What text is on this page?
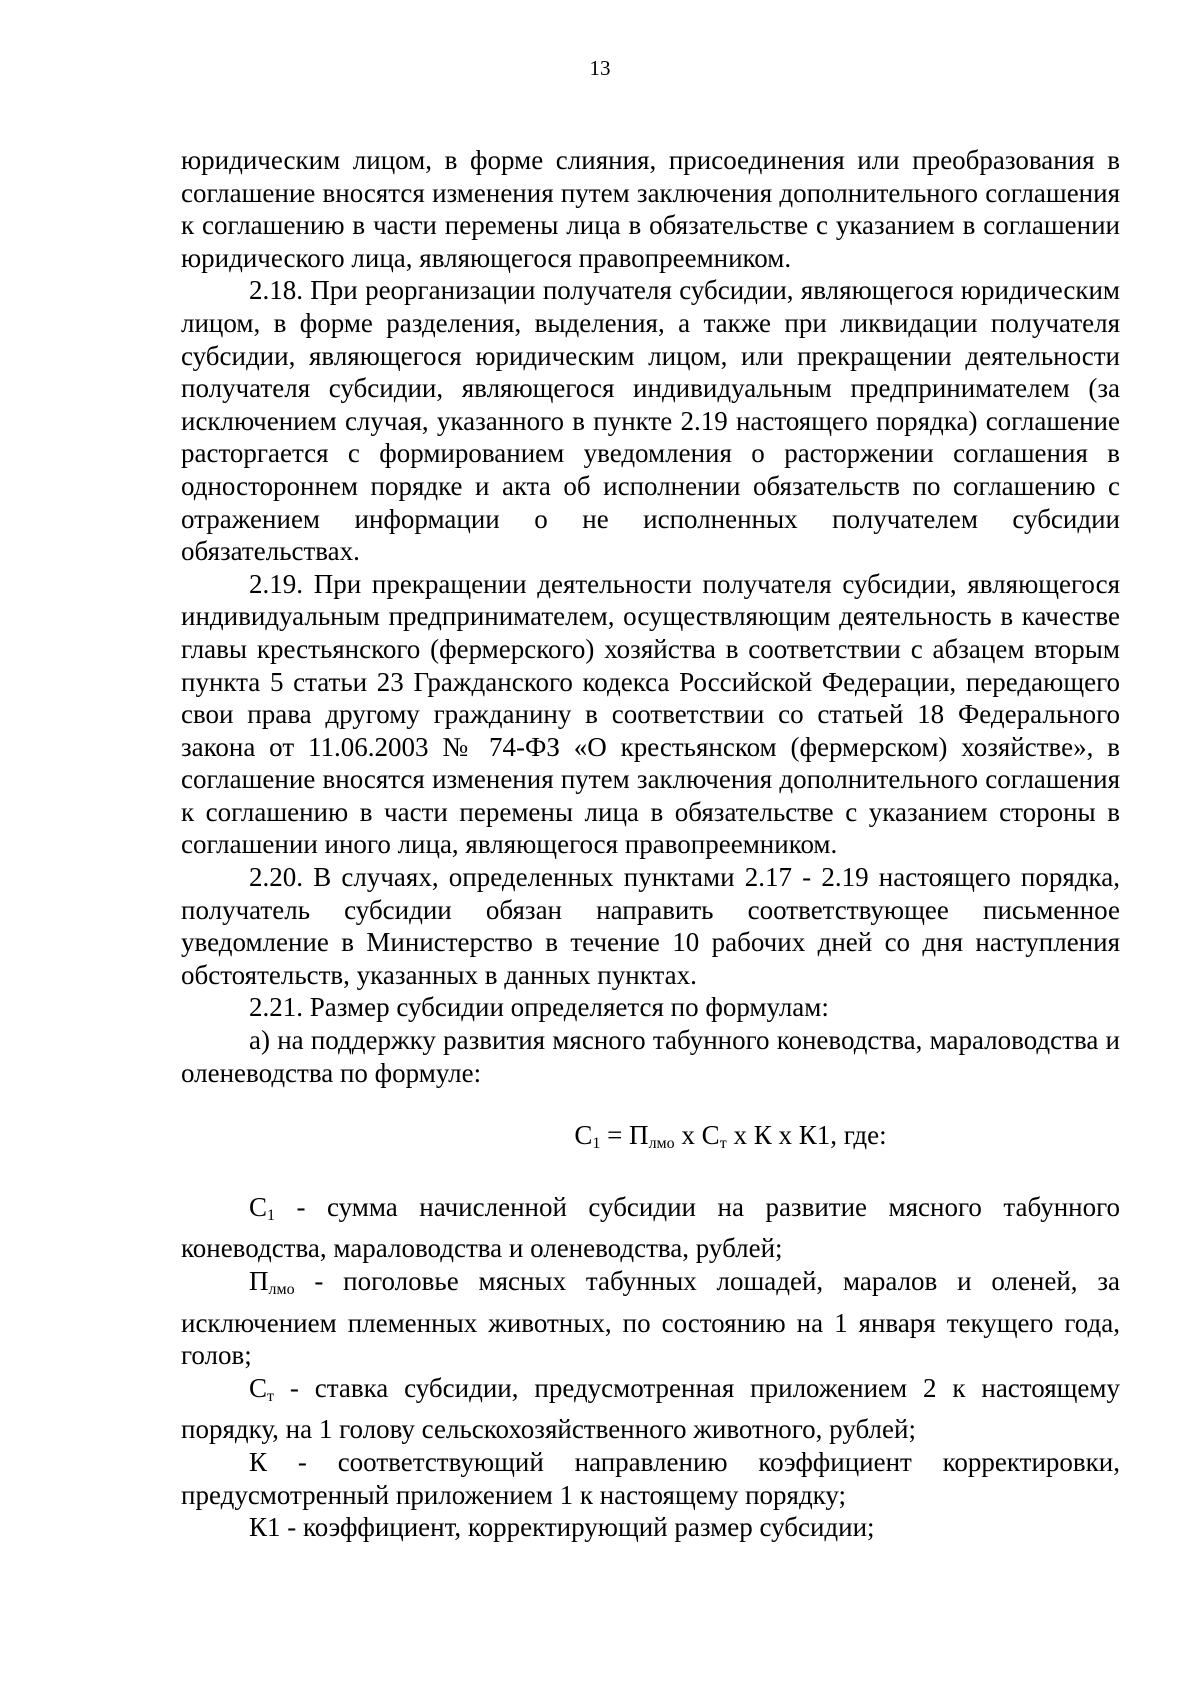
13

юридическим лицом, в форме слияния, присоединения или преобразования в соглашение вносятся изменения путем заключения дополнительного соглашения к соглашению в части перемены лица в обязательстве с указанием в соглашении юридического лица, являющегося правопреемником.

2.18. При реорганизации получателя субсидии, являющегося юридическим лицом, в форме разделения, выделения, а также при ликвидации получателя субсидии, являющегося юридическим лицом, или прекращении деятельности получателя субсидии, являющегося индивидуальным предпринимателем (за исключением случая, указанного в пункте 2.19 настоящего порядка) соглашение расторгается с формированием уведомления о расторжении соглашения в одностороннем порядке и акта об исполнении обязательств по соглашению с отражением информации о не исполненных получателем субсидии обязательствах.

2.19. При прекращении деятельности получателя субсидии, являющегося индивидуальным предпринимателем, осуществляющим деятельность в качестве главы крестьянского (фермерского) хозяйства в соответствии с абзацем вторым пункта 5 статьи 23 Гражданского кодекса Российской Федерации, передающего свои права другому гражданину в соответствии со статьей 18 Федерального закона от 11.06.2003 № 74-ФЗ «О крестьянском (фермерском) хозяйстве», в соглашение вносятся изменения путем заключения дополнительного соглашения к соглашению в части перемены лица в обязательстве с указанием стороны в соглашении иного лица, являющегося правопреемником.

2.20. В случаях, определенных пунктами 2.17 - 2.19 настоящего порядка, получатель субсидии обязан направить соответствующее письменное уведомление в Министерство в течение 10 рабочих дней со дня наступления обстоятельств, указанных в данных пунктах.

2.21. Размер субсидии определяется по формулам:

а) на поддержку развития мясного табунного коневодства, мараловодства и оленеводства по формуле:

$С_1 = П_{лмо}$ х $С_т$ х К х К1, где:

$С_1$ - сумма начисленной субсидии на развитие мясного табунного коневодства, мараловодства и оленеводства, рублей;

$П_{лмо}$ - поголовье мясных табунных лошадей, маралов и оленей, за исключением племенных животных, по состоянию на 1 января текущего года, голов;

$С_т$ - ставка субсидии, предусмотренная приложением 2 к настоящему порядку, на 1 голову сельскохозяйственного животного, рублей;

К - соответствующий направлению коэффициент корректировки, предусмотренный приложением 1 к настоящему порядку;

К1 - коэффициент, корректирующий размер субсидии;
